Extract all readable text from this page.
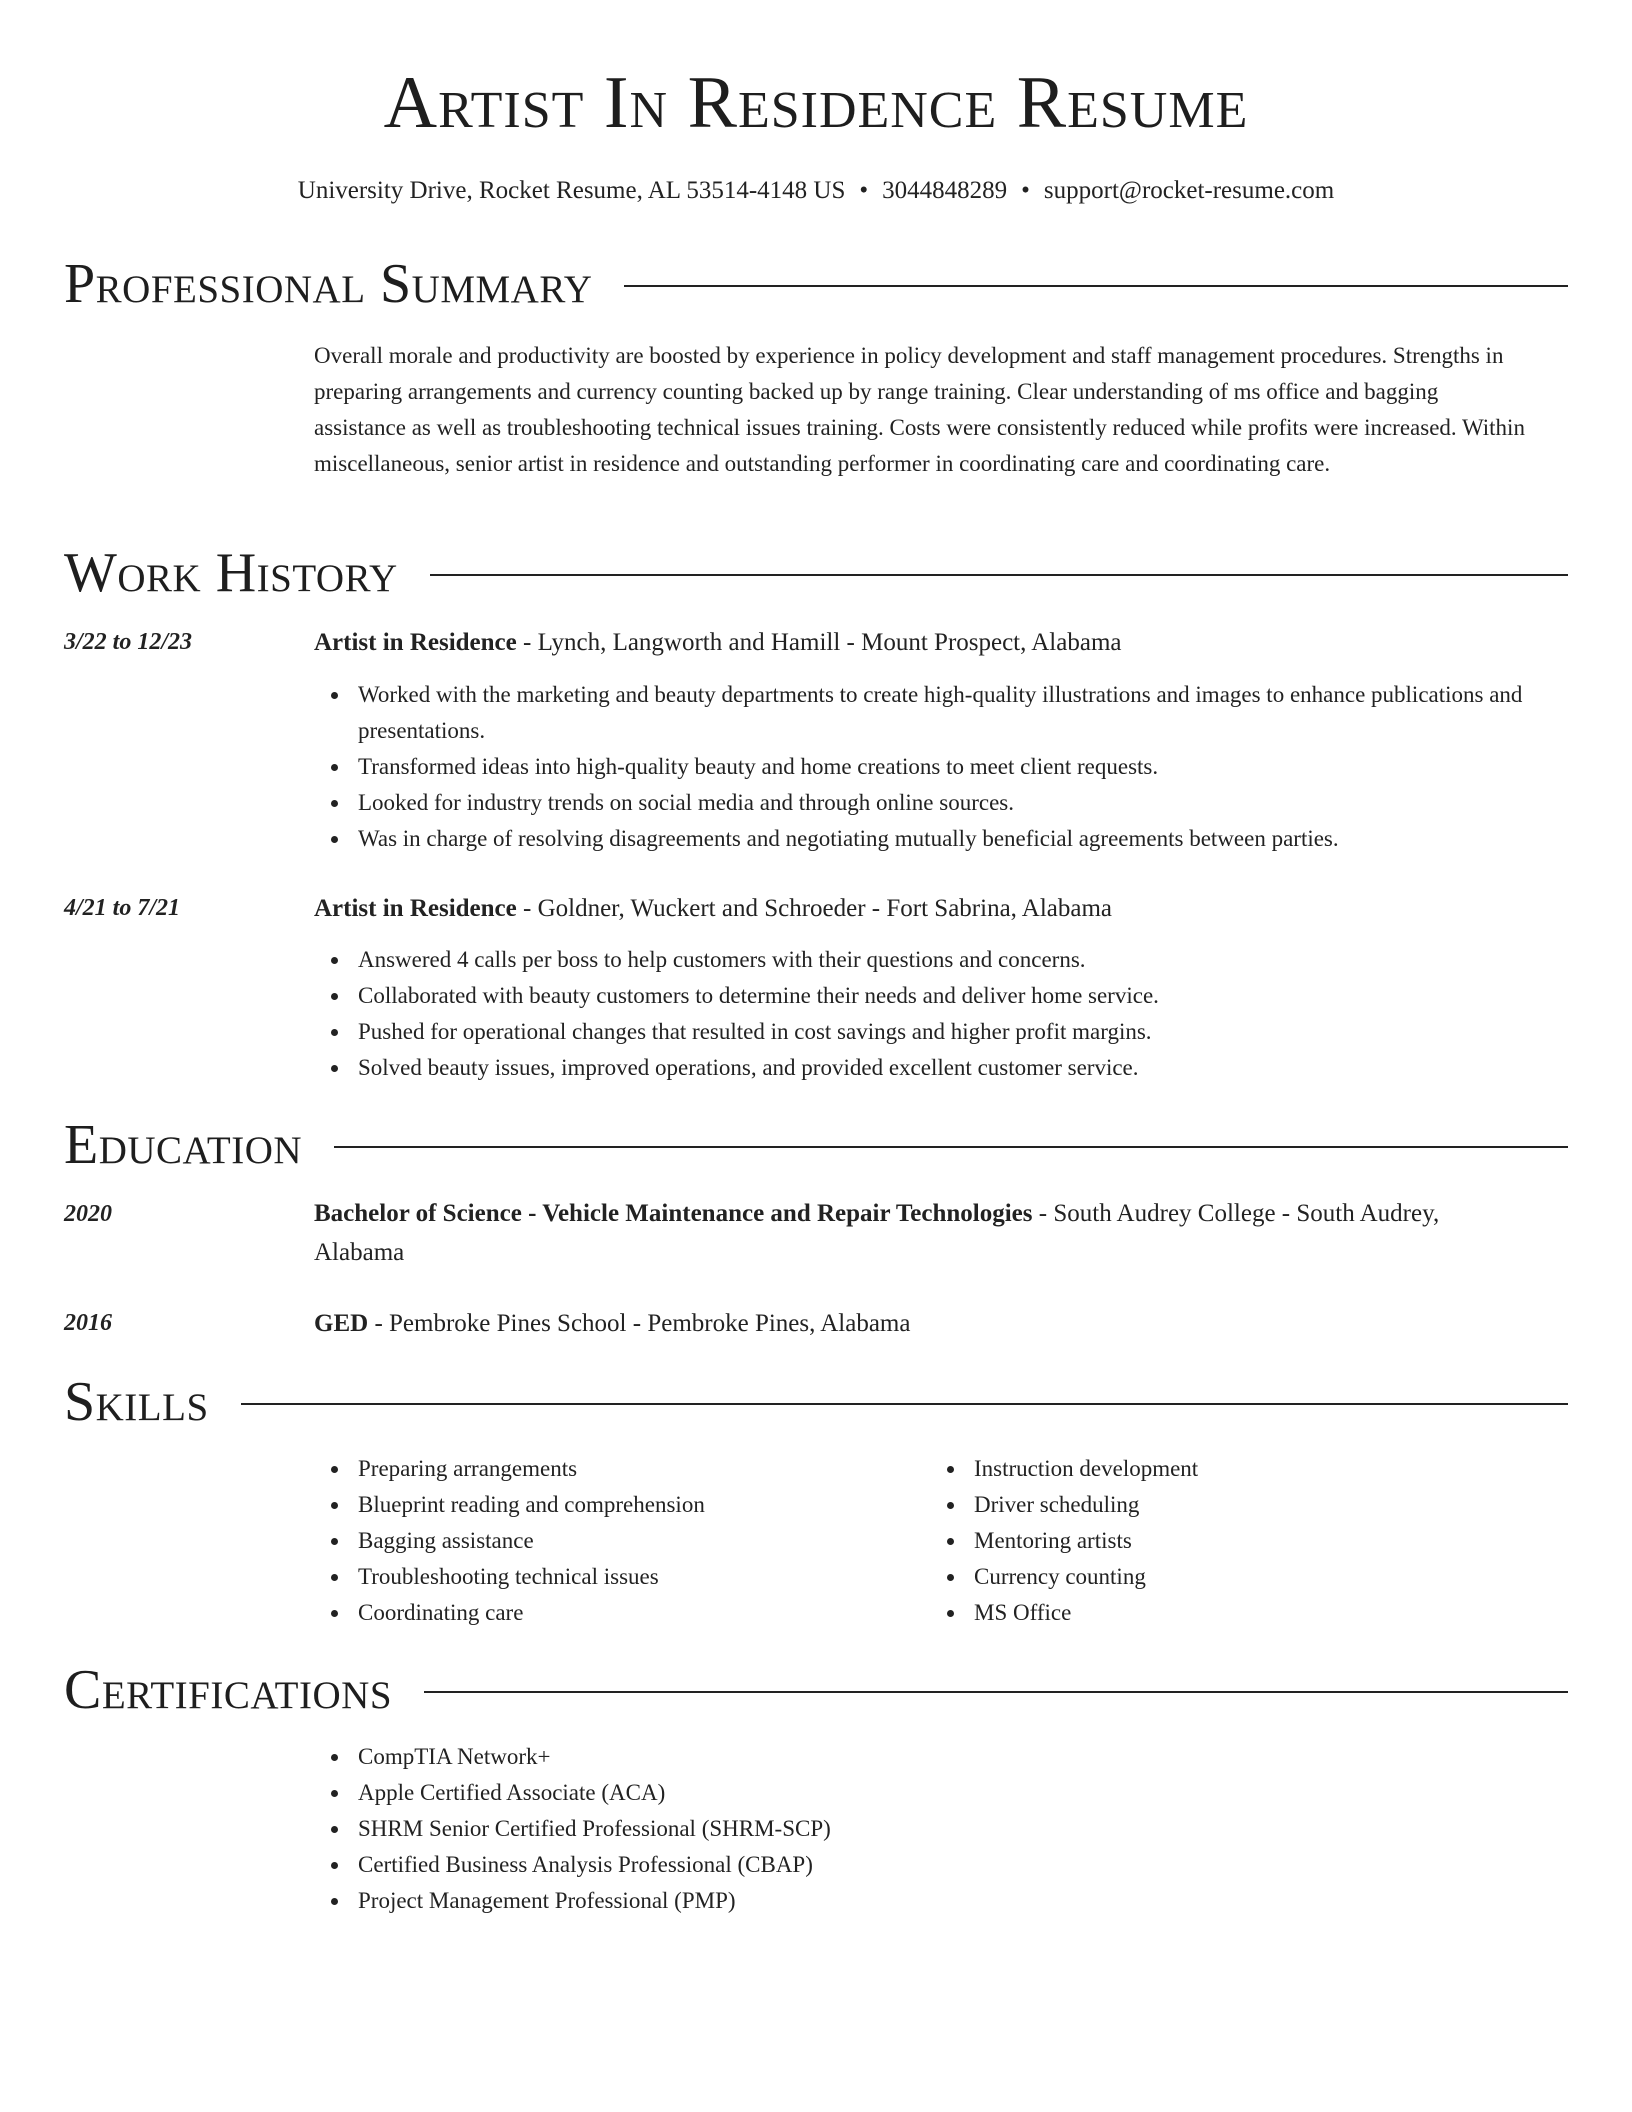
Artist In Residence Resume
University Drive, Rocket Resume, AL 53514-4148 US • 3044848289 • support@rocket-resume.com
Professional Summary

Overall morale and productivity are boosted by experience in policy development and staff management procedures. Strengths in preparing arrangements and currency counting backed up by range training. Clear understanding of ms office and bagging assistance as well as troubleshooting technical issues training. Costs were consistently reduced while profits were increased. Within miscellaneous, senior artist in residence and outstanding performer in coordinating care and coordinating care.

Work History
3/22 to 12/23	Artist in Residence - Lynch, Langworth and Hamill - Mount Prospect, Alabama
Worked with the marketing and beauty departments to create high-quality illustrations and images to enhance publications and presentations.
Transformed ideas into high-quality beauty and home creations to meet client requests.
Looked for industry trends on social media and through online sources.
Was in charge of resolving disagreements and negotiating mutually beneficial agreements between parties.
4/21 to 7/21	Artist in Residence - Goldner, Wuckert and Schroeder - Fort Sabrina, Alabama
Answered 4 calls per boss to help customers with their questions and concerns.
Collaborated with beauty customers to determine their needs and deliver home service.
Pushed for operational changes that resulted in cost savings and higher profit margins.
Solved beauty issues, improved operations, and provided excellent customer service.
Education
2020	Bachelor of Science - Vehicle Maintenance and Repair Technologies - South Audrey College - South Audrey, Alabama
2016	GED - Pembroke Pines School - Pembroke Pines, Alabama
Skills
Preparing arrangements
Blueprint reading and comprehension
Bagging assistance
Troubleshooting technical issues
Coordinating care
Instruction development
Driver scheduling
Mentoring artists
Currency counting
MS Office
Certifications
CompTIA Network+
Apple Certified Associate (ACA)
SHRM Senior Certified Professional (SHRM-SCP)
Certified Business Analysis Professional (CBAP)
Project Management Professional (PMP)
